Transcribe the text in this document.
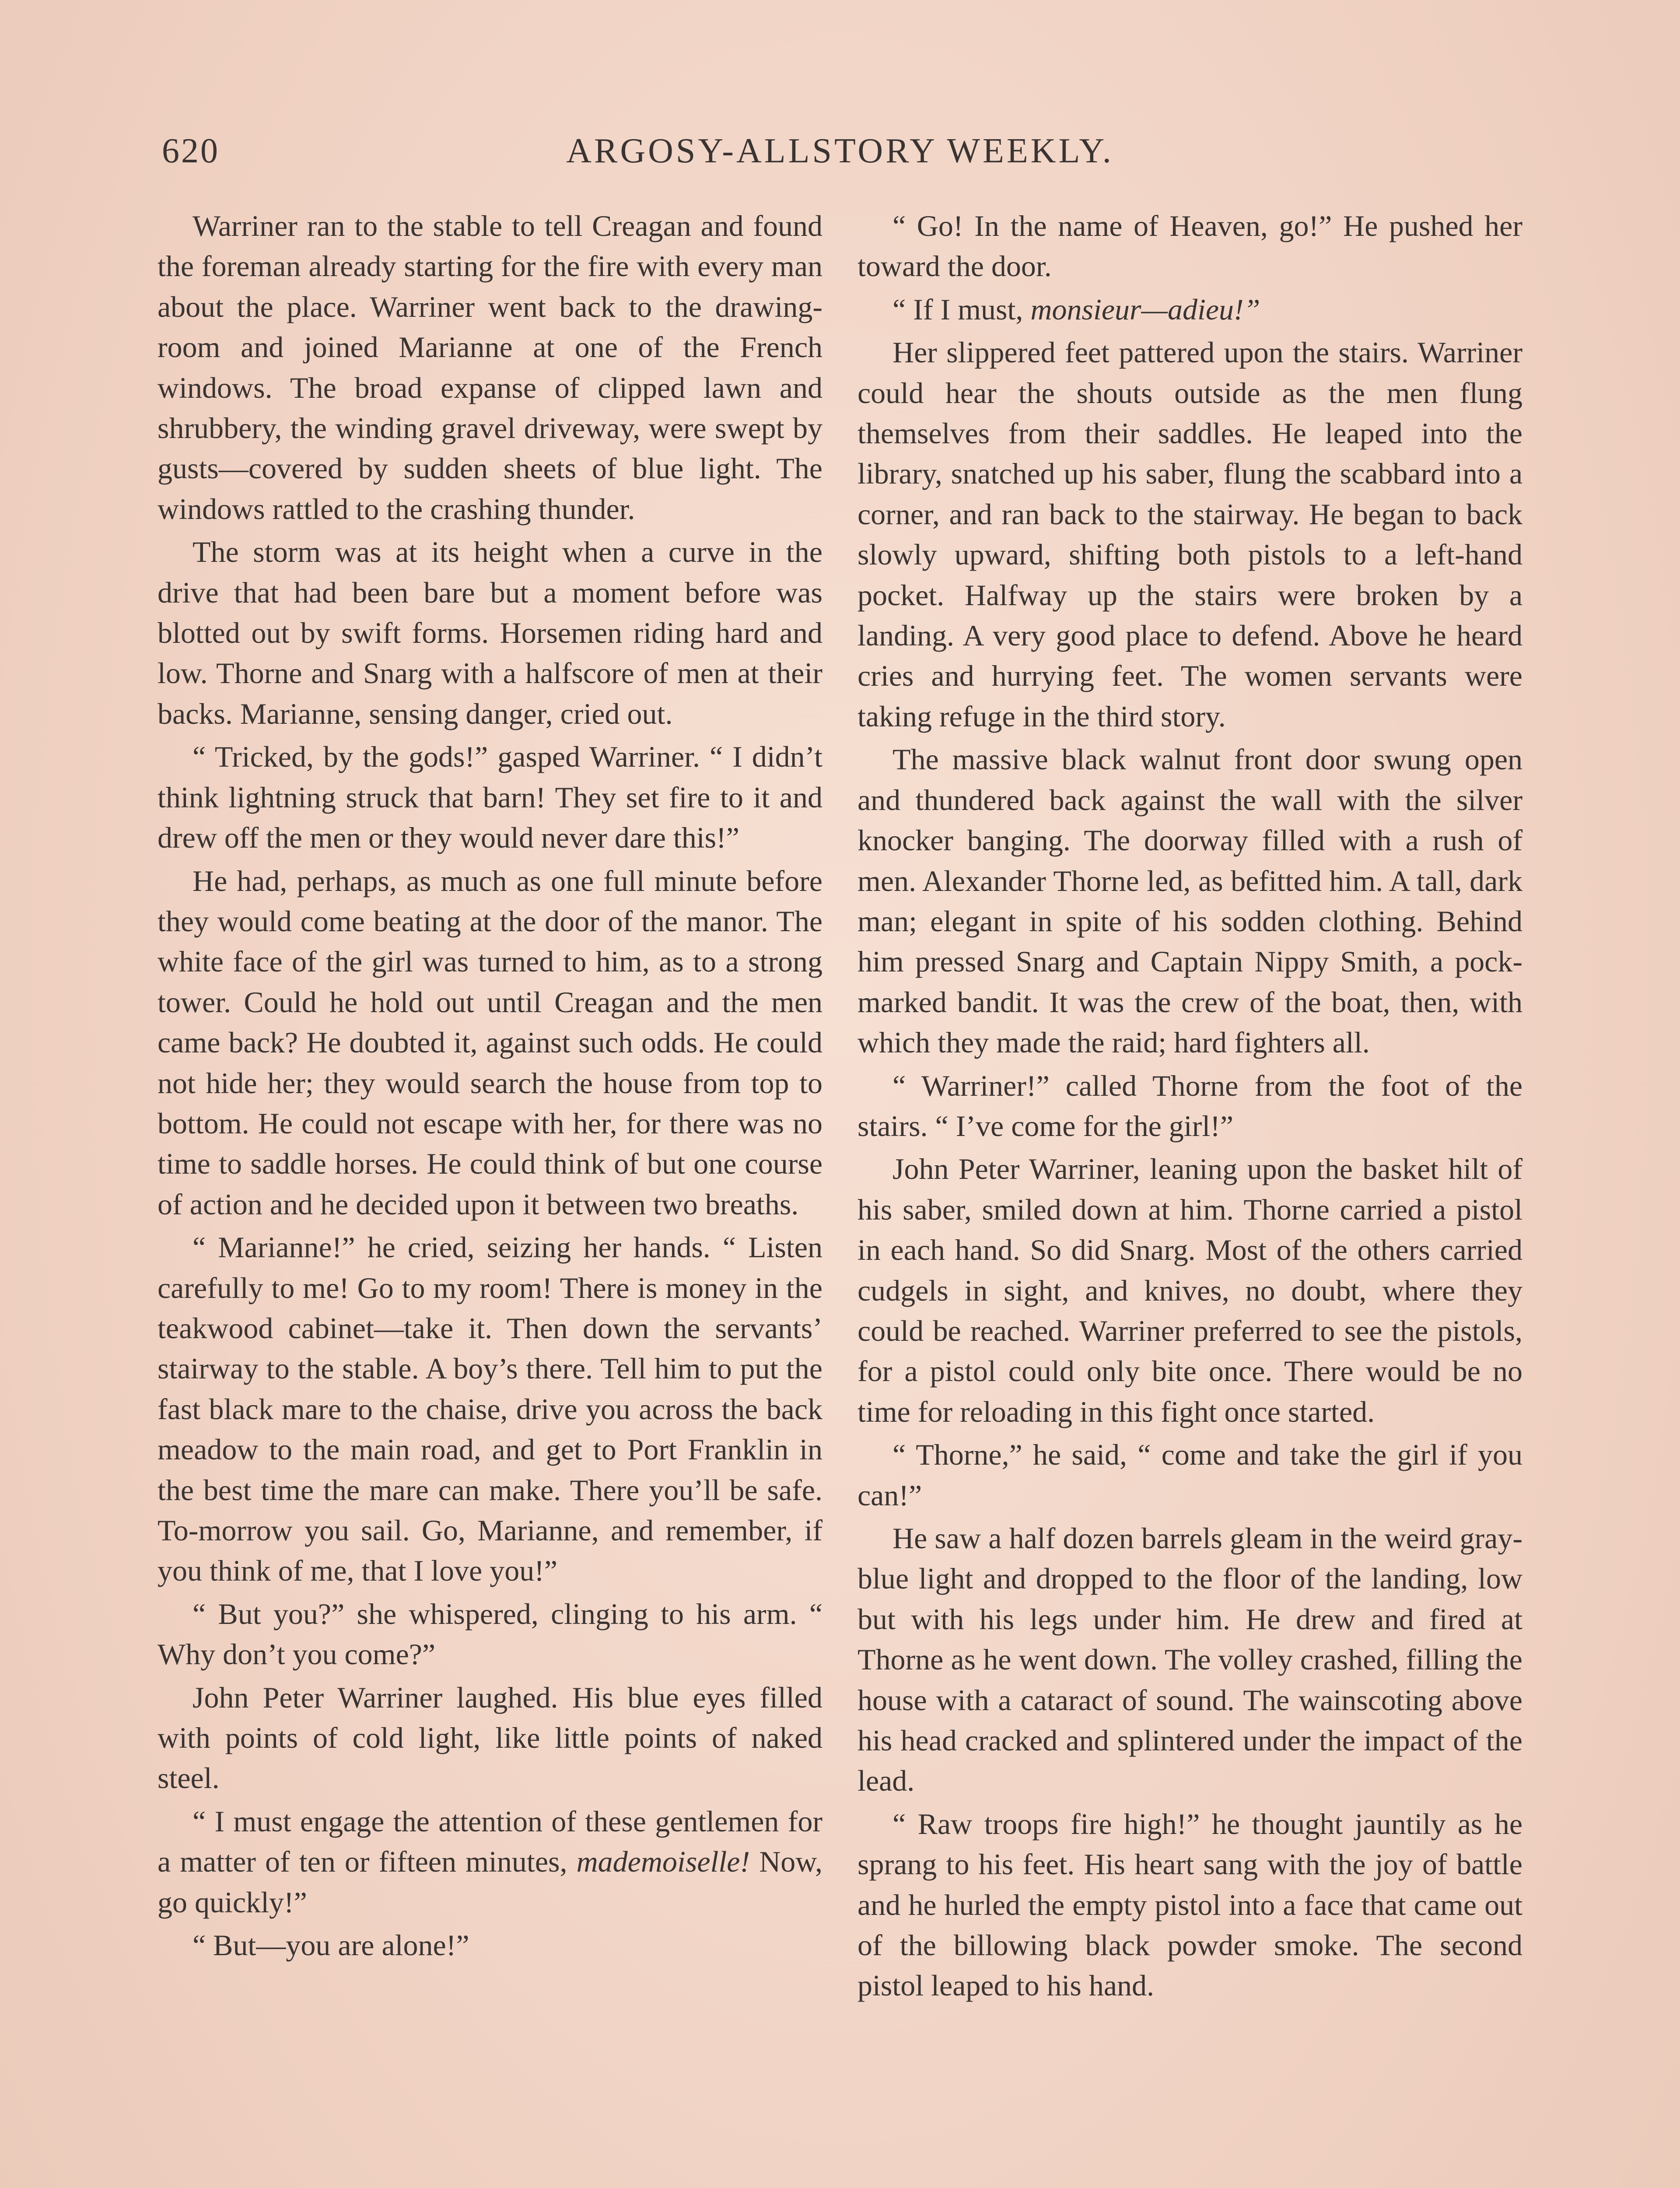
620	ARGOSY-ALLSTORY WEEKLY.

Warriner ran to the stable to tell Creagan and found the foreman already starting for the fire with every man about the place. Warriner went back to the drawing-room and joined Marianne at one of the French windows. The broad expanse of clipped lawn and shrubbery, the winding gravel driveway, were swept by gusts—covered by sudden sheets of blue light. The windows rattled to the crashing thunder.

The storm was at its height when a curve in the drive that had been bare but a moment before was blotted out by swift forms. Horsemen riding hard and low. Thorne and Snarg with a halfscore of men at their backs. Marianne, sensing danger, cried out.

“ Tricked, by the gods!” gasped Warriner. “ I didn’t think lightning struck that barn! They set fire to it and drew off the men or they would never dare this!”

He had, perhaps, as much as one full minute before they would come beating at the door of the manor. The white face of the girl was turned to him, as to a strong tower. Could he hold out until Creagan and the men came back? He doubted it, against such odds. He could not hide her; they would search the house from top to bottom. He could not escape with her, for there was no time to saddle horses. He could think of but one course of action and he decided upon it between two breaths.

“ Marianne!” he cried, seizing her hands. “ Listen carefully to me! Go to my room! There is money in the teakwood cabinet—take it. Then down the servants’ stairway to the stable. A boy’s there. Tell him to put the fast black mare to the chaise, drive you across the back meadow to the main road, and get to Port Franklin in the best time the mare can make. There you’ll be safe. To-morrow you sail. Go, Marianne, and remember, if you think of me, that I love you!”

“ But you?” she whispered, clinging to his arm. “ Why don’t you come?”

John Peter Warriner laughed. His blue eyes filled with points of cold light, like little points of naked steel.

“ I must engage the attention of these gentlemen for a matter of ten or fifteen minutes, mademoiselle! Now, go quickly!”

“ But—you are alone!”

“ Go! In the name of Heaven, go!” He pushed her toward the door.

“ If I must, monsieur—adieu!”

Her slippered feet pattered upon the stairs. Warriner could hear the shouts outside as the men flung themselves from their saddles. He leaped into the library, snatched up his saber, flung the scabbard into a corner, and ran back to the stairway. He began to back slowly upward, shifting both pistols to a left-hand pocket. Halfway up the stairs were broken by a landing. A very good place to defend. Above he heard cries and hurrying feet. The women servants were taking refuge in the third story.

The massive black walnut front door swung open and thundered back against the wall with the silver knocker banging. The doorway filled with a rush of men. Alexander Thorne led, as befitted him. A tall, dark man; elegant in spite of his sodden clothing. Behind him pressed Snarg and Captain Nippy Smith, a pock-marked bandit. It was the crew of the boat, then, with which they made the raid; hard fighters all.

“ Warriner!” called Thorne from the foot of the stairs. “ I’ve come for the girl!”

John Peter Warriner, leaning upon the basket hilt of his saber, smiled down at him. Thorne carried a pistol in each hand. So did Snarg. Most of the others carried cudgels in sight, and knives, no doubt, where they could be reached. Warriner preferred to see the pistols, for a pistol could only bite once. There would be no time for reloading in this fight once started.

“ Thorne,” he said, “ come and take the girl if you can!”

He saw a half dozen barrels gleam in the weird gray-blue light and dropped to the floor of the landing, low but with his legs under him. He drew and fired at Thorne as he went down. The volley crashed, filling the house with a cataract of sound. The wainscoting above his head cracked and splintered under the impact of the lead.

“ Raw troops fire high!” he thought jauntily as he sprang to his feet. His heart sang with the joy of battle and he hurled the empty pistol into a face that came out of the billowing black powder smoke. The second pistol leaped to his hand.
